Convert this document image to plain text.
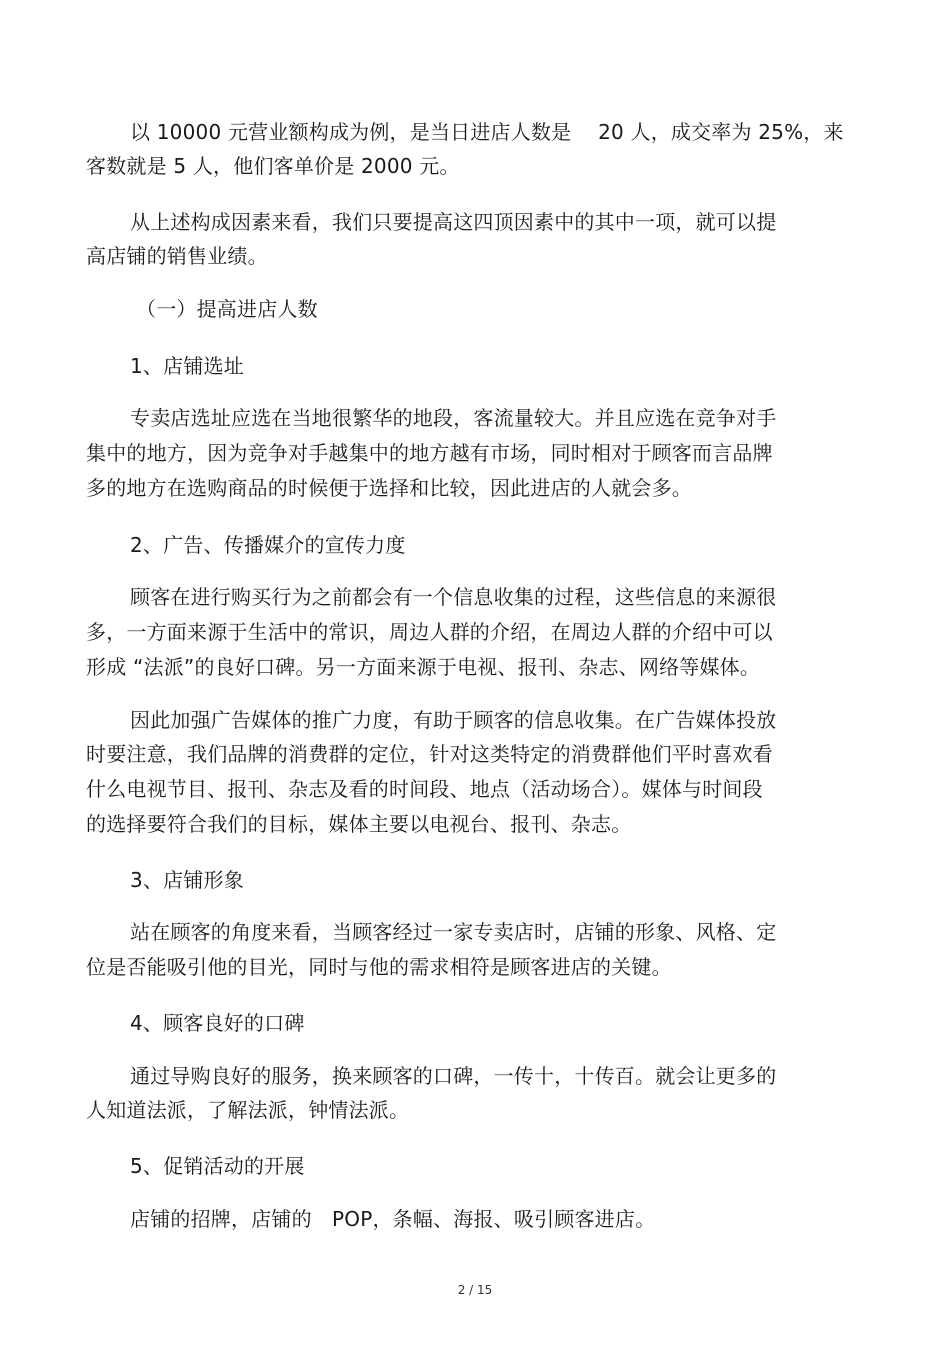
以 10000 元营业额构成为例，是当日进店人数是　 20 人，成交率为 25%，来
客数就是 5 人，他们客单价是 2000 元。
从上述构成因素来看，我们只要提高这四顶因素中的其中一项，就可以提
高店铺的销售业绩。
（一）提高进店人数
1、店铺选址
专卖店选址应选在当地很繁华的地段，客流量较大。并且应选在竞争对手
集中的地方，因为竞争对手越集中的地方越有市场，同时相对于顾客而言品牌
多的地方在选购商品的时候便于选择和比较，因此进店的人就会多。
2、广告、传播媒介的宣传力度
顾客在进行购买行为之前都会有一个信息收集的过程，这些信息的来源很
多，一方面来源于生活中的常识，周边人群的介绍，在周边人群的介绍中可以
形成 “法派”的良好口碑。另一方面来源于电视、报刊、杂志、网络等媒体。
因此加强广告媒体的推广力度，有助于顾客的信息收集。在广告媒体投放
时要注意，我们品牌的消费群的定位，针对这类特定的消费群他们平时喜欢看
什么电视节目、报刊、杂志及看的时间段、地点（活动场合）。媒体与时间段
的选择要符合我们的目标，媒体主要以电视台、报刊、杂志。
3、店铺形象
站在顾客的角度来看，当顾客经过一家专卖店时，店铺的形象、风格、定
位是否能吸引他的目光，同时与他的需求相符是顾客进店的关键。
4、顾客良好的口碑
通过导购良好的服务，换来顾客的口碑，一传十，十传百。就会让更多的
人知道法派，了解法派，钟情法派。
5、促销活动的开展
店铺的招牌，店铺的　POP，条幅、海报、吸引顾客进店。
2 / 15
